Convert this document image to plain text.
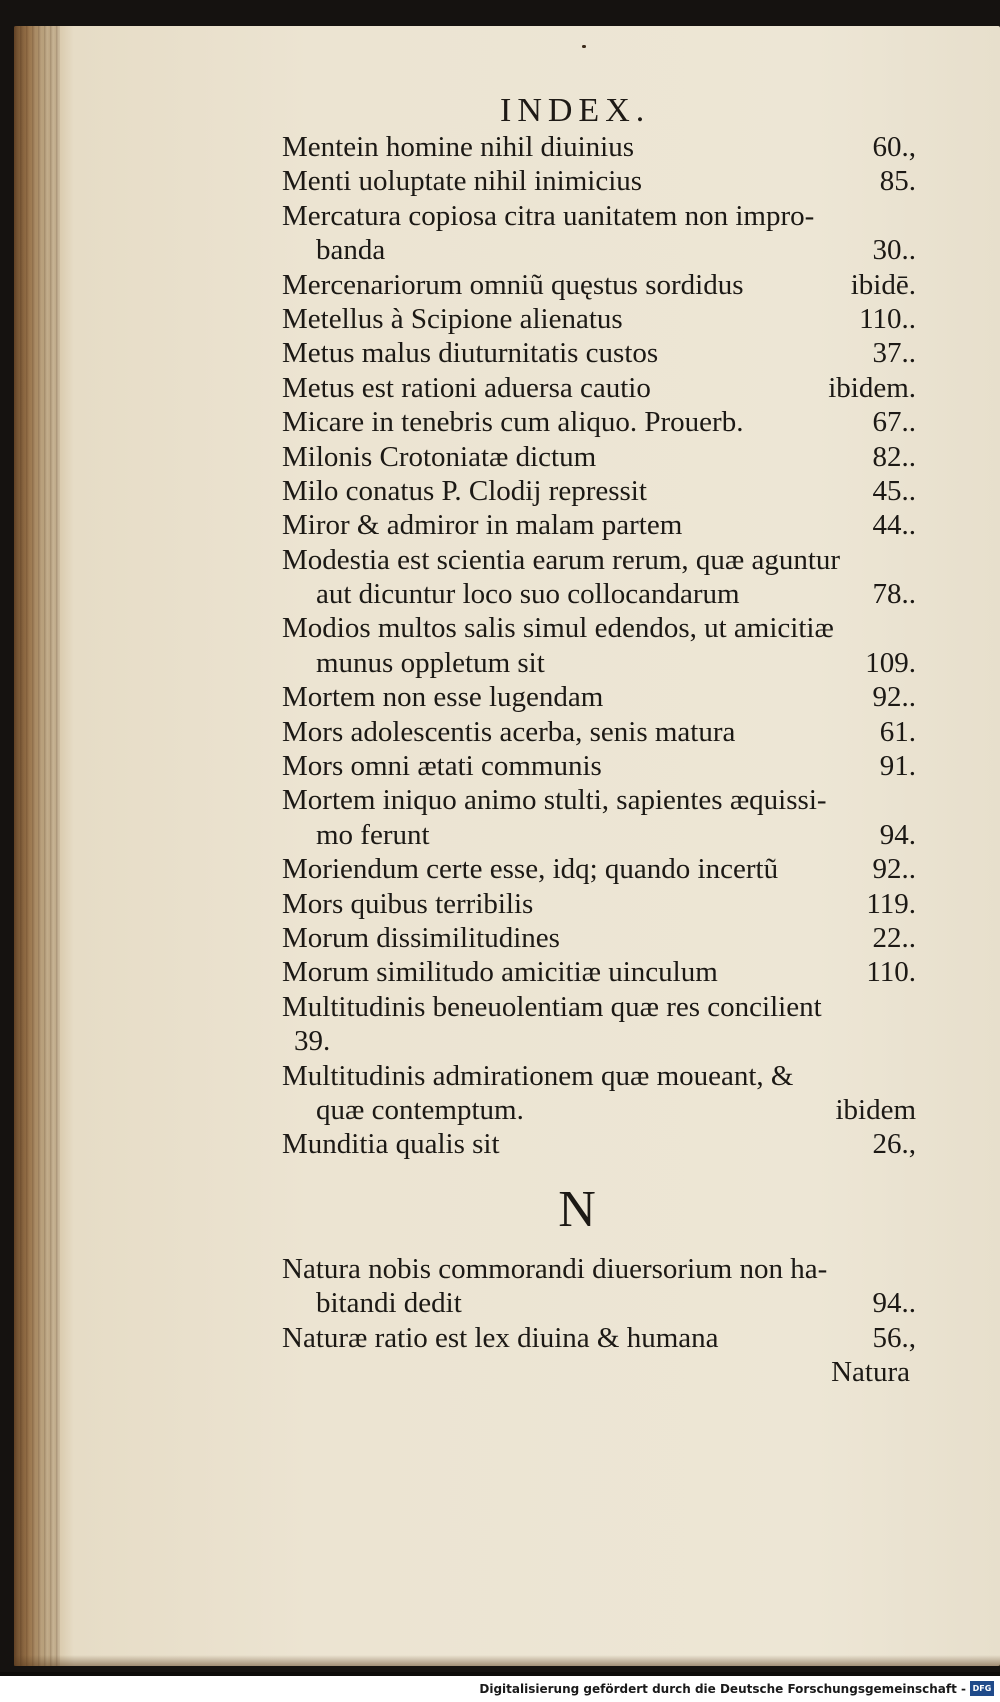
INDEX.
Mentein homine nihil diuinius	60.,
Menti uoluptate nihil inimicius	85.
Mercatura copiosa citra uanitatem non impro-
banda	30..
Mercenariorum omniũ quęstus sordidus	ibidē.
Metellus à Scipione alienatus	110..
Metus malus diuturnitatis custos	37..
Metus est rationi aduersa cautio	ibidem.
Micare in tenebris cum aliquo. Prouerb.	67..
Milonis Crotoniatæ dictum	82..
Milo conatus P. Clodij repressit	45..
Miror & admiror in malam partem	44..
Modestia est scientia earum rerum, quæ aguntur
aut dicuntur loco suo collocandarum	78..
Modios multos salis simul edendos, ut amicitiæ
munus oppletum sit	109.
Mortem non esse lugendam	92..
Mors adolescentis acerba, senis matura	61.
Mors omni ætati communis	91.
Mortem iniquo animo stulti, sapientes æquissi-
mo ferunt	94.
Moriendum certe esse, idq; quando incertũ	92..
Mors quibus terribilis	119.
Morum dissimilitudines	22..
Morum similitudo amicitiæ uinculum	110.
Multitudinis beneuolentiam quæ res concilient
39.
Multitudinis admirationem quæ moueant, &
quæ contemptum.	ibidem
Munditia qualis sit	26.,
N
Natura nobis commorandi diuersorium non ha-
bitandi dedit	94..
Naturæ ratio est lex diuina & humana	56.,
Natura
Digitalisierung gefördert durch die Deutsche Forschungsgemeinschaft - DFG
